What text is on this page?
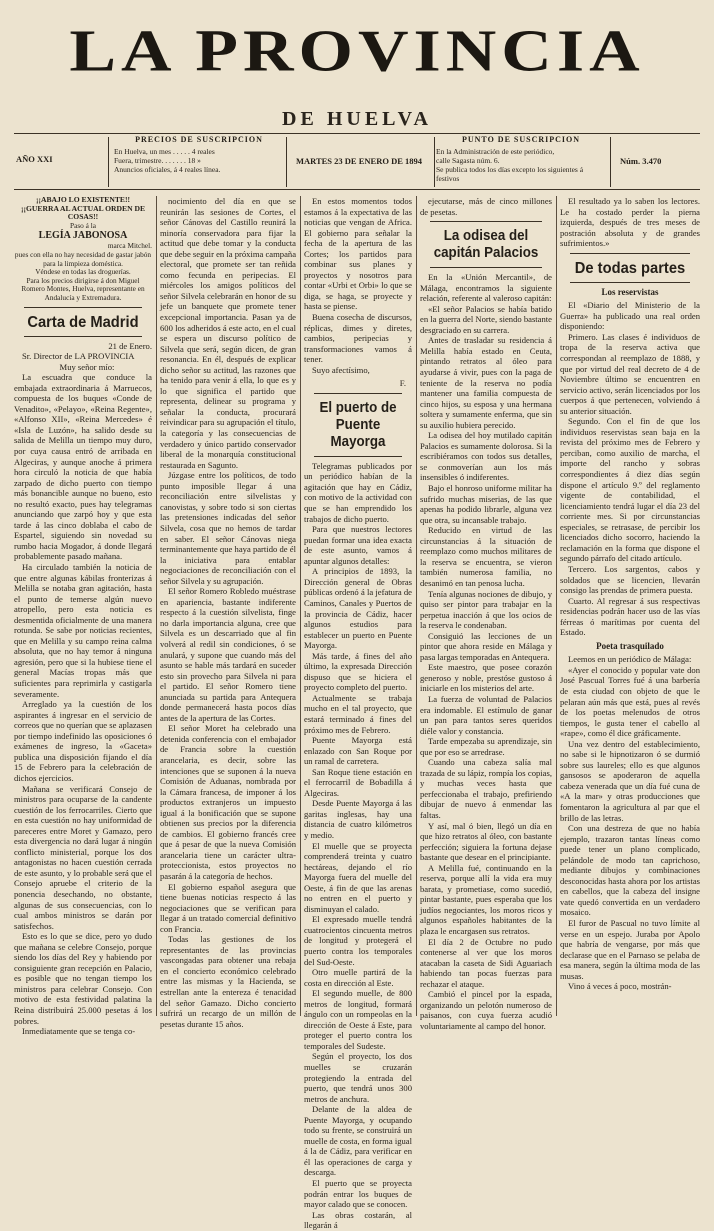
LA PROVINCIA
DE HUELVA
AÑO XXI
PRECIOS DE SUSCRIPCION
En Huelva, un mes . . . . . 4 reales
Fuera, trimestre. . . . . . . 18 »
Anuncios oficiales, á 4 reales línea.
MARTES 23 DE ENERO DE 1894
PUNTO DE SUSCRIPCION
En la Administración de este periódico,
calle Sagasta núm. 6.
Se publica todos los días excepto los siguientes á festivos
Núm. 3.470
¡¡ABAJO LO EXISTENTE!!
¡¡GUERRA AL ACTUAL ORDEN DE COSAS!!
Paso á la
LEGÍA JABONOSA
marca Mitchel.
pues con ella no hay necesidad de gastar jabón para la limpieza doméstica.
Véndese en todas las droguerías.
Para los precios dirigirse á don Miguel Romero Montes, Huelva, representante en Andalucía y Extremadura.
Carta de Madrid
21 de Enero.

Sr. Director de LA PROVINCIA

Muy señor mío:

La escuadra que conduce la embajada extraordinaria á Marruecos, compuesta de los buques «Conde de Venadito», «Pelayo», «Reina Regente», «Alfonso XII», «Reina Mercedes» é «Isla de Luzón», ha salido desde su salida de Melilla un tiempo muy duro, por cuya causa entró de arribada en Algeciras, y aunque anoche á primera hora circuló la noticia de que había zarpado de dicho puerto con tiempo más bonancible aunque no bueno, esto no resultó exacto, pues hay telegramas anunciando que zarpó hoy y que esta tarde á las cinco doblaba el cabo de Espartel, siguiendo sin novedad su rumbo hacia Mogador, á donde llegará probablemente pasado mañana.

Ha circulado también la noticia de que entre algunas kábilas fronterizas á Melilla se notaba gran agitación, hasta el punto de temerse algún nuevo atropello, pero esta noticia es desmentida oficialmente de una manera rotunda. Se sabe por noticias recientes, que en Melilla y su campo reina calma absoluta, que no hay temor á ninguna agresión, pero que si la hubiese tiene el general Macías tropas más que suficientes para reprimirla y castigarla severamente.

Arreglado ya la cuestión de los aspirantes á ingresar en el servicio de correos que no querían que se aplazasen por tiempo indefinido las oposiciones ó exámenes de ingreso, la «Gaceta» publica una disposición fijando el día 15 de Febrero para la celebración de dichos ejercicios.

Mañana se verificará Consejo de ministros para ocuparse de la candente cuestión de los ferrocarriles. Cierto que en esta cuestión no hay uniformidad de pareceres entre Moret y Gamazo, pero esta divergencia no dará lugar á ningún conflicto ministerial, porque los dos antagonistas no hacen cuestión cerrada de este asunto, y lo probable será que el Consejo apruebe el criterio de la ponencia desechando, no obstante, algunas de sus consecuencias, con lo cual ambos ministros se darán por satisfechos.

Esto es lo que se dice, pero yo dudo que mañana se celebre Consejo, porque siendo los días del Rey y habiendo por consiguiente gran recepción en Palacio, es posible que no tengan tiempo los ministros para celebrar Consejo. Con motivo de esta festividad palatina la Reina distribuirá 25.000 pesetas á los pobres.

Inmediatamente que se tenga co-

nocimiento del día en que se reunirán las sesiones de Cortes, el señor Cánovas del Castillo reunirá la minoría conservadora para fijar la actitud que debe tomar y la conducta que debe seguir en la próxima campaña electoral, que promete ser tan reñida como fecunda en peripecias. El miércoles los amigos políticos del señor Silvela celebrarán en honor de su jefe un banquete que promete tener excepcional importancia. Pasan ya de 600 los adheridos á este acto, en el cual se espera un discurso político de Silvela que será, según dicen, de gran resonancia. En él, después de explicar dicho señor su actitud, las razones que ha tenido para venir á ella, lo que es y lo que significa el partido que representa, delinear su programa y señalar la conducta, procurará reivindicar para su agrupación el título, la categoría y las consecuencias de verdadero y único partido conservador liberal de la monarquía constitucional restaurada en Sagunto.

Júzgase entre los políticos, de todo punto imposible llegar á una reconciliación entre silvelistas y canovistas, y sobre todo si son ciertas las pretensiones indicadas del señor Silvela, cosa que no hemos de tardar en saber. El señor Cánovas niega terminantemente que haya partido de él la iniciativa para entablar negociaciones de reconciliación con el señor Silvela y su agrupación.

El señor Romero Robledo muéstrase en apariencia, bastante indiferente respecto á la cuestión silvelista, finge no darla importancia alguna, cree que Silvela es un descarriado que al fin volverá al redil sin condiciones, ó se anulará, y supone que cuando más del asunto se hable más tardará en suceder esto sin provecho para Silvela ni para el partido. El señor Romero tiene anunciada su partida para Antequera donde permanecerá hasta pocos días antes de la apertura de las Cortes.

El señor Moret ha celebrado una detenida conferencia con el embajador de Francia sobre la cuestión arancelaria, es decir, sobre las intenciones que se suponen á la nueva Comisión de Aduanas, nombrada por la Cámara francesa, de imponer á los productos extranjeros un impuesto igual á la bonificación que se supone obtienen sus precios por la diferencia de cambios. El gobierno francés cree que á pesar de que la nueva Comisión arancelaria tiene un carácter ultra-proteccionista, estos proyectos no pasarán á la categoría de hechos.

El gobierno español asegura que tiene buenas noticias respecto á las negociaciones que se verifican para llegar á un tratado comercial definitivo con Francia.

Todas las gestiones de los representantes de las provincias vascongadas para obtener una rebaja en el concierto económico celebrado entre las mismas y la Hacienda, se estrellan ante la entereza é tenacidad del señor Gamazo. Dicho concierto sufrirá un recargo de un millón de pesetas durante 15 años.

En estos momentos todos estamos á la expectativa de las noticias que vengan de Africa. El gobierno para señalar la fecha de la apertura de las Cortes; los partidos para combinar sus planes y proyectos y nosotros para contar «Urbi et Orbi» lo que se diga, se haga, se proyecte y hasta se piense.

Buena cosecha de discursos, réplicas, dimes y diretes, cambios, peripecias y transformaciones vamos á tener.

Suyo afectísimo,

F.
El puerto de Puente Mayorga

Telegramas publicados por un periódico habían de la agitación que hay en Cádiz, con motivo de la actividad con que se han emprendido los trabajos de dicho puerto.

Para que nuestros lectores puedan formar una idea exacta de este asunto, vamos á apuntar algunos detalles:

A principios de 1893, la Dirección general de Obras públicas ordenó á la jefatura de Caminos, Canales y Puertos de la provincia de Cádiz, hacer algunos estudios para establecer un puerto en Puente Mayorga.

Más tarde, á fines del año último, la expresada Dirección dispuso que se hiciera el proyecto completo del puerto.

Actualmente se trabaja mucho en el tal proyecto, que estará terminado á fines del próximo mes de Febrero.

Puente Mayorga está enlazado con San Roque por un ramal de carretera.

San Roque tiene estación en el ferrocarril de Bobadilla á Algeciras.

Desde Puente Mayorga á las garitas inglesas, hay una distancia de cuatro kilómetros y medio.

El muelle que se proyecta comprenderá treinta y cuatro hectáreas, dejando el río Mayorga fuera del muelle del Oeste, á fin de que las arenas no entren en el puerto y disminuyan el calado.

El expresado muelle tendrá cuatrocientos cincuenta metros de longitud y protegerá el puerto contra los temporales del Sud-Oeste.

Otro muelle partirá de la costa en dirección al Este.

El segundo muelle, de 800 metros de longitud, formará ángulo con un rompeolas en la dirección de Oeste á Este, para proteger el puerto contra los temporales del Sudeste.

Según el proyecto, los dos muelles se cruzarán protegiendo la entrada del puerto, que tendrá unos 300 metros de anchura.

Delante de la aldea de Puente Mayorga, y ocupando todo su frente, se construirá un muelle de costa, en forma igual á la de Cádiz, para verificar en él las operaciones de carga y descarga.

El puerto que se proyecta podrán entrar los buques de mayor calado que se conocen.

Las obras costarán, al llegarán á

ejecutarse, más de cinco millones de pesetas.

La odisea del capitán Palacios

En la «Unión Mercantil», de Málaga, encontramos la siguiente relación, referente al valeroso capitán:

«El señor Palacios se había batido en la guerra del Norte, siendo bastante desgraciado en su carrera.

Antes de trasladar su residencia á Melilla había estado en Ceuta, pintando retratos al óleo para ayudarse á vivir, pues con la paga de teniente de la reserva no podía mantener una familia compuesta de cinco hijos, su esposa y una hermana soltera y sumamente enferma, que sin su auxilio hubiera perecido.

La odisea del hoy mutilado capitán Palacios es sumamente dolorosa. Si la escribiéramos con todos sus detalles, se conmoverían aun los más insensibles ó indiferentes.

Bajo el honroso uniforme militar ha sufrido muchas miserias, de las que apenas ha podido librarle, alguna vez que otra, su incansable trabajo.

Reducido en virtud de las circunstancias á la situación de reemplazo como muchos militares de la reserva se encuentra, se vieron también numerosa familia, no desanimó en tan penosa lucha.

Tenía algunas nociones de dibujo, y quiso ser pintor para trabajar en la perpetua inacción á que los ocios de la reserva le condenaban.

Consiguió las lecciones de un pintor que ahora reside en Málaga y pasa largas temporadas en Antequera.

Este maestro, que posee corazón generoso y noble, prestóse gustoso á iniciarle en los misterios del arte.

La fuerza de voluntad de Palacios era indomable. El estímulo de ganar un pan para tantos seres queridos diéle valor y constancia.

Tarde empezaba su aprendizaje, sin que por eso se arredrase.

Cuando una cabeza salía mal trazada de su lápiz, rompía los copias, y muchas veces hasta que perfeccionaba el trabajo, prefiriendo dibujar de nuevo á enmendar las faltas.

Y así, mal ó bien, llegó un día en que hizo retratos al óleo, con bastante perfección; siguiera la fortuna dejase bastante que desear en el principiante.

A Melilla fué, continuando en la reserva, porque allí la vida era muy barata, y prometiase, como sucedió, pintar bastante, pues esperaba que los judíos negociantes, los moros ricos y algunos españoles habitantes de la plaza le encargasen sus retratos.

El día 2 de Octubre no pudo contenerse al ver que los moros atacaban la caseta de Sidi Aguariach habiendo tan pocas fuerzas para rechazar el ataque.

Cambió el pincel por la espada, organizando un pelotón numeroso de paisanos, con cuya fuerza acudió voluntariamente al campo del honor.

El resultado ya lo saben los lectores. Le ha costado perder la pierna izquierda, después de tres meses de postración absoluta y de grandes sufrimientos.»

De todas partes
Los reservistas

El «Diario del Ministerio de la Guerra» ha publicado una real orden disponiendo:

Primero. Las clases é individuos de tropa de la reserva activa que correspondan al reemplazo de 1888, y que por virtud del real decreto de 4 de Noviembre último se encuentren en servicio activo, serán licenciados por los cuerpos á que pertenecen, volviendo á su anterior situación.

Segundo. Con el fin de que los individuos reservistas sean baja en la revista del próximo mes de Febrero y perciban, como auxilio de marcha, el importe del rancho y sobras correspondientes á diez días según dispone el artículo 9.º del reglamento vigente de contabilidad, el licenciamiento tendrá lugar el día 23 del corriente mes. Si por circunstancias especiales, se retrasase, de percibir los licenciados dicho socorro, haciendo la reclamación en la forma que dispone el segundo párrafo del citado artículo.

Tercero. Los sargentos, cabos y soldados que se licencien, llevarán consigo las prendas de primera puesta.

Cuarto. Al regresar á sus respectivas residencias podrán hacer uso de las vías férreas ó marítimas por cuenta del Estado.

Poeta trasquilado

Leemos en un periódico de Málaga:

«Ayer el conocido y popular vate don José Pascual Torres fué á una barbería de esta ciudad con objeto de que le pelaran aún más que está, pues al revés de los poetas melenudos de otros tiempos, le gusta tener el cabello al «rape», como él dice gráficamente.

Una vez dentro del establecimiento, no sabe si le hipnotizaron ó se durmió sobre sus laureles; ello es que algunos gansosos se apoderaron de aquella cabeza venerada que un día fué cuna de «A la mar» y otras producciones que fomentaron la agricultura al par que el brillo de las letras.

Con una destreza de que no había ejemplo, trazaron tantas líneas como puede tener un plano complicado, pelándole de modo tan caprichoso, mediante dibujos y combinaciones desconocidas hasta ahora por los artistas en cabellos, que la cabeza del insigne vate quedó convertida en un verdadero mosaico.

El furor de Pascual no tuvo límite al verse en un espejo. Juraba por Apolo que habría de vengarse, por más que declarase que en el Parnaso se pelaba de esa manera, según la última moda de las musas.

Vino á veces á poco, mostrán-
